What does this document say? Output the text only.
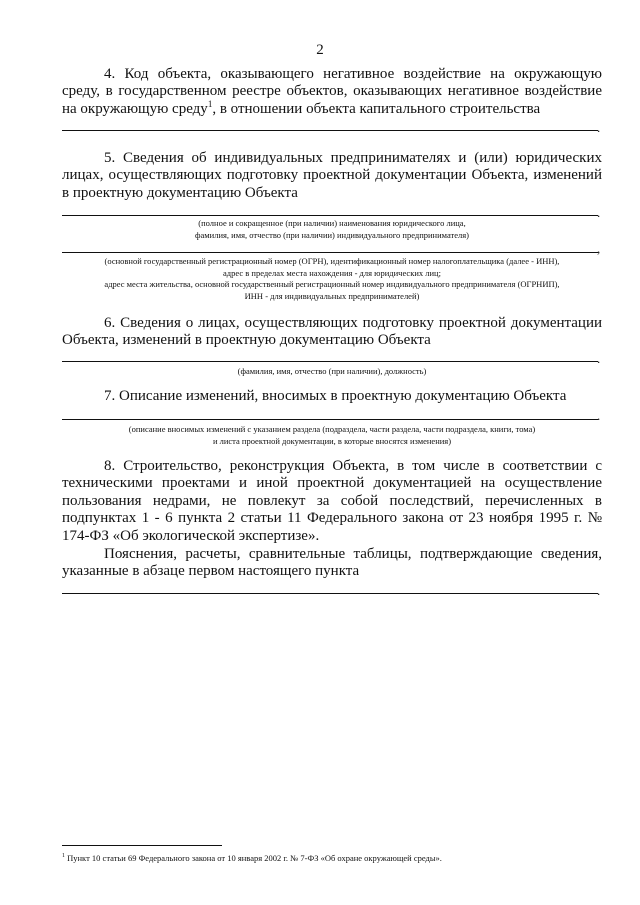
2

4. Код объекта, оказывающего негативное воздействие на окружающую среду, в государственном реестре объектов, оказывающих негативное воздействие на окружающую среду$^1$, в отношении объекта капитального строительства

.

5. Сведения об индивидуальных предпринимателях и (или) юридических лицах, осуществляющих подготовку проектной документации Объекта, изменений в проектную документацию Объекта

.
(полное и сокращенное (при наличии) наименования юридического лица,
фамилия, имя, отчество (при наличии) индивидуального предпринимателя)
,
(основной государственный регистрационный номер (ОГРН), идентификационный номер налогоплательщика (далее - ИНН),
адрес в пределах места нахождения - для юридических лиц;
адрес места жительства, основной государственный регистрационный номер индивидуального предпринимателя (ОГРНИП),
ИНН - для индивидуальных предпринимателей)

6. Сведения о лицах, осуществляющих подготовку проектной документации Объекта, изменений в проектную документацию Объекта

.
(фамилия, имя, отчество (при наличии), должность)

7. Описание изменений, вносимых в проектную документацию Объекта

.
(описание вносимых изменений с указанием раздела (подраздела, части раздела, части подраздела, книги, тома)
и листа проектной документации, в которые вносятся изменения)

8. Строительство, реконструкция Объекта, в том числе в соответствии с техническими проектами и иной проектной документацией на осуществление пользования недрами, не повлекут за собой последствий, перечисленных в подпунктах 1 - 6 пункта 2 статьи 11 Федерального закона от 23 ноября 1995 г. № 174-ФЗ «Об экологической экспертизе».

Пояснения, расчеты, сравнительные таблицы, подтверждающие сведения, указанные в абзаце первом настоящего пункта

.
$^1$ Пункт 10 статьи 69 Федерального закона от 10 января 2002 г. № 7-ФЗ «Об охране окружающей среды».
